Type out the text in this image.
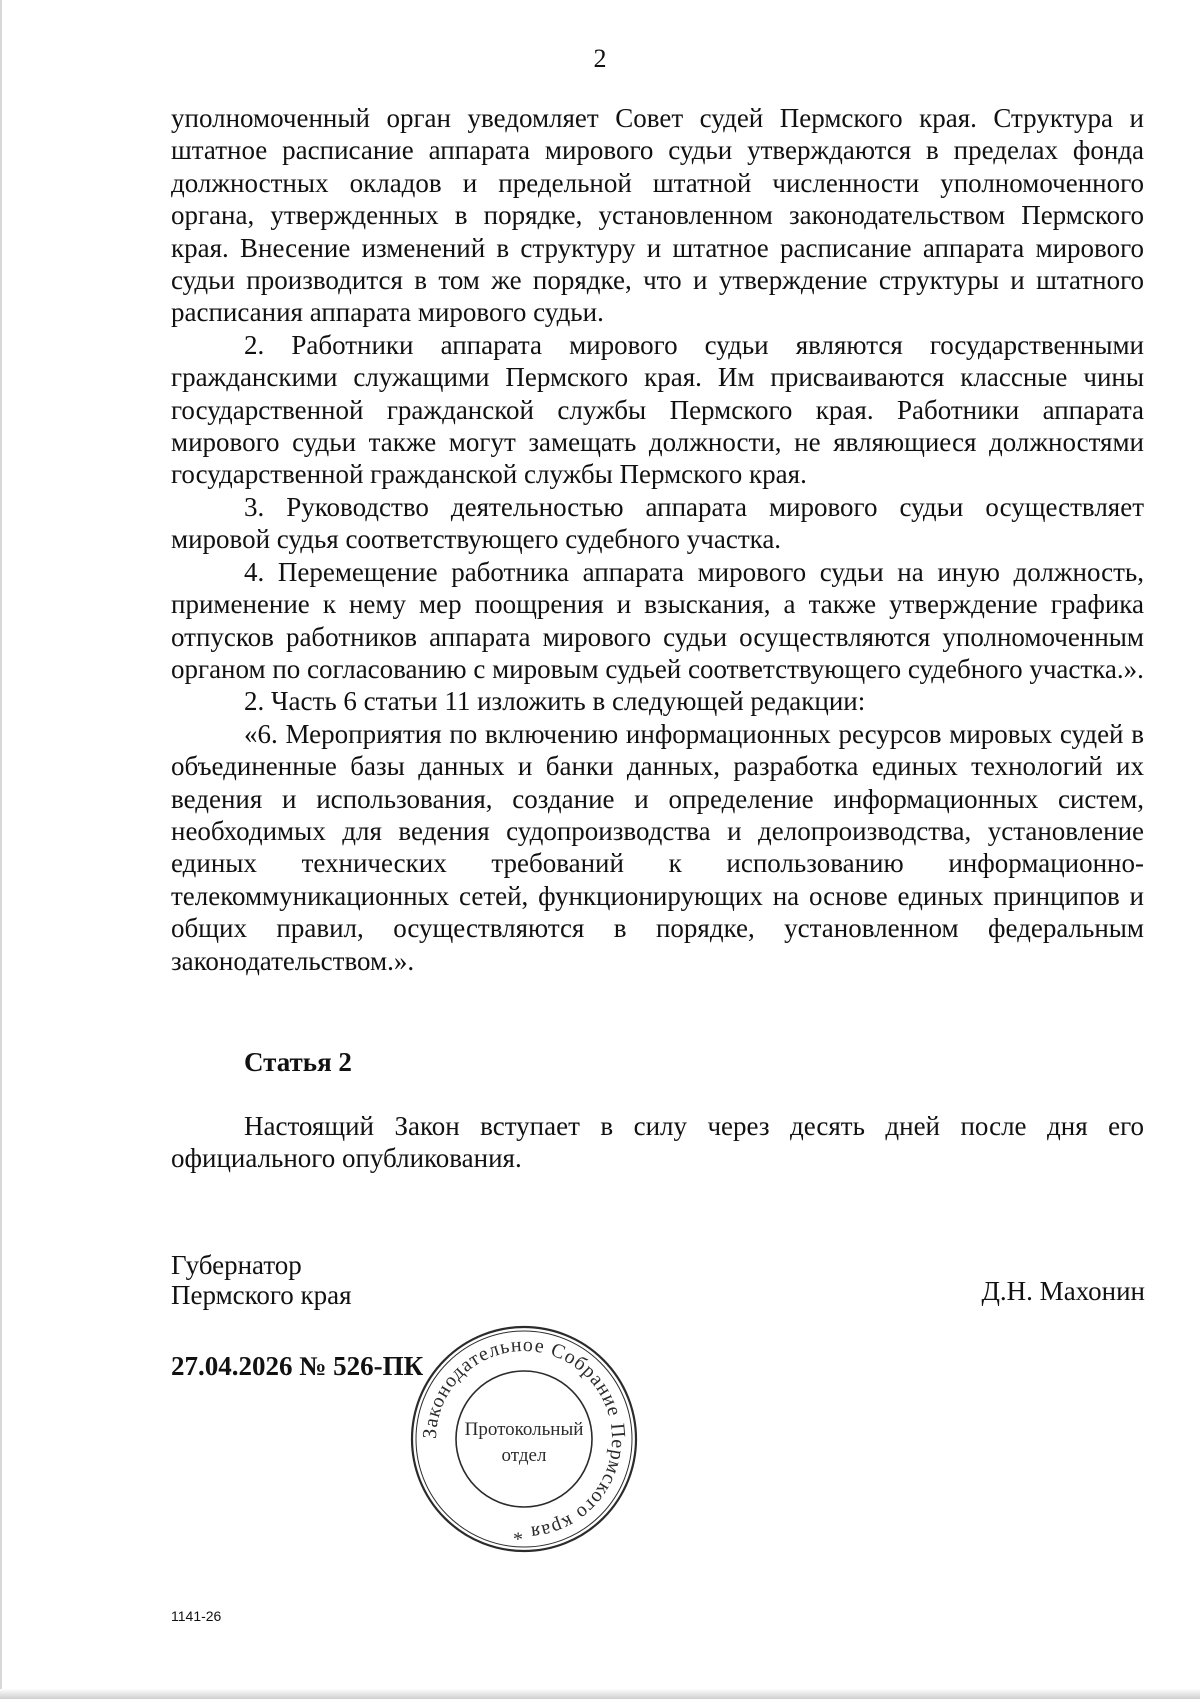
2

уполномоченный орган уведомляет Совет судей Пермского края. Структура и штатное расписание аппарата мирового судьи утверждаются в пределах фонда должностных окладов и предельной штатной численности уполномоченного органа, утвержденных в порядке, установленном законодательством Пермского края. Внесение изменений в структуру и штатное расписание аппарата мирового судьи производится в том же порядке, что и утверждение структуры и штатного расписания аппарата мирового судьи.

2. Работники аппарата мирового судьи являются государственными гражданскими служащими Пермского края. Им присваиваются классные чины государственной гражданской службы Пермского края. Работники аппарата мирового судьи также могут замещать должности, не являющиеся должностями государственной гражданской службы Пермского края.

3. Руководство деятельностью аппарата мирового судьи осуществляет мировой судья соответствующего судебного участка.

4. Перемещение работника аппарата мирового судьи на иную должность, применение к нему мер поощрения и взыскания, а также утверждение графика отпусков работников аппарата мирового судьи осуществляются уполномоченным органом по согласованию с мировым судьей соответствующего судебного участка.».

2. Часть 6 статьи 11 изложить в следующей редакции:

«6. Мероприятия по включению информационных ресурсов мировых судей в объединенные базы данных и банки данных, разработка единых технологий их ведения и использования, создание и определение информационных систем, необходимых для ведения судопроизводства и делопроизводства, установление единых технических требований к использованию информационно-телекоммуникационных сетей, функционирующих на основе единых принципов и общих правил, осуществляются в порядке, установленном федеральным законодательством.».

Статья 2

Настоящий Закон вступает в силу через десять дней после дня его официального опубликования.

Губернатор
Пермского края	Д.Н. Махонин
27.04.2026 № 526-ПК
Законодательное Собрание Пермского края *
Протокольный
отдел
1141-26
